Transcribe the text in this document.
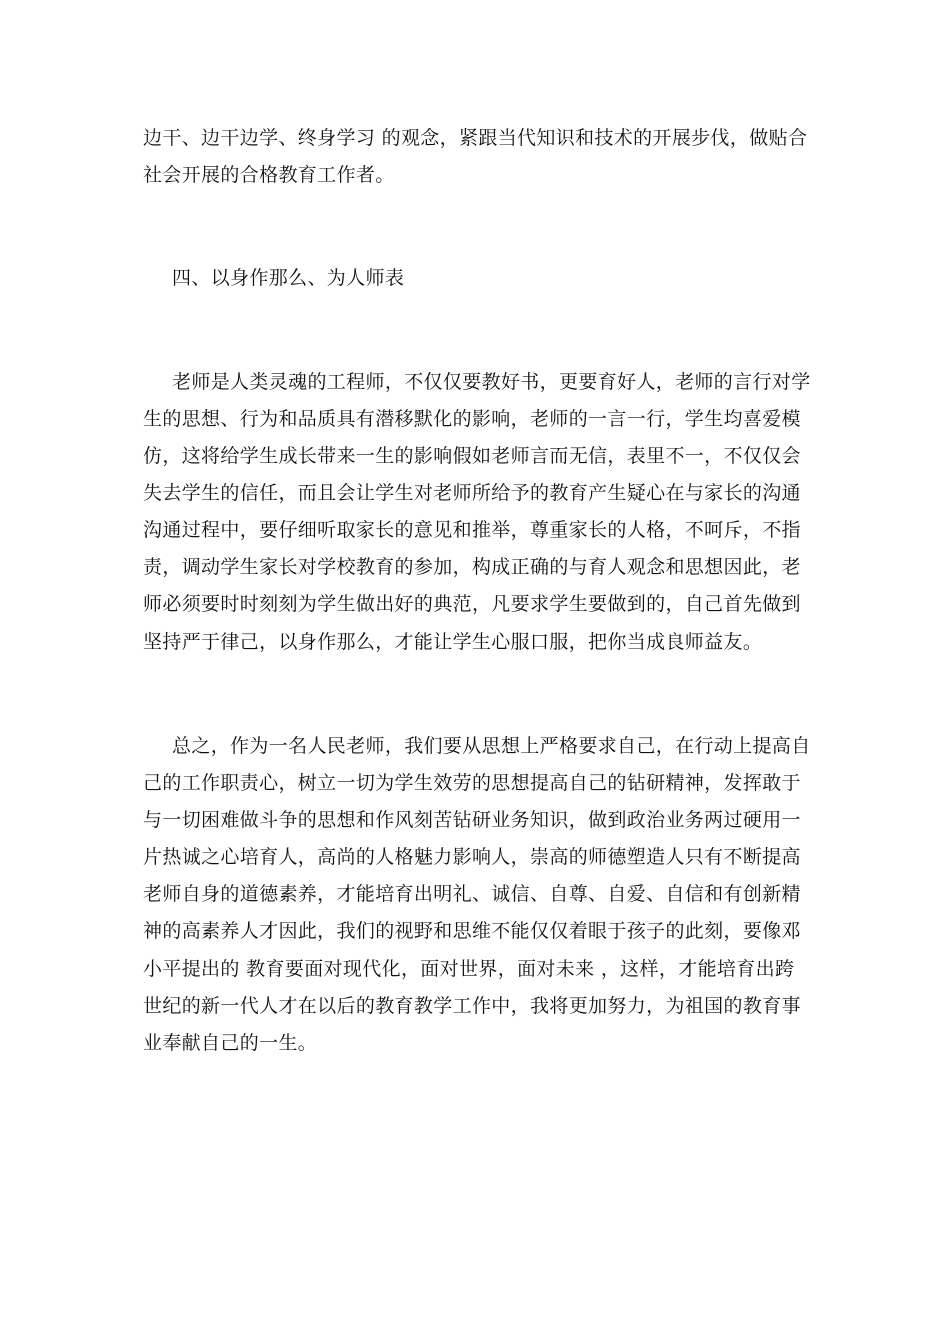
边干、边干边学、终身学习 的观念，紧跟当代知识和技术的开展步伐，做贴合
社会开展的合格教育工作者。
四、以身作那么、为人师表
老师是人类灵魂的工程师，不仅仅要教好书，更要育好人，老师的言行对学
生的思想、行为和品质具有潜移默化的影响，老师的一言一行，学生均喜爱模
仿，这将给学生成长带来一生的影响假如老师言而无信，表里不一，不仅仅会
失去学生的信任，而且会让学生对老师所给予的教育产生疑心在与家长的沟通
沟通过程中，要仔细听取家长的意见和推举，尊重家长的人格，不呵斥，不指
责，调动学生家长对学校教育的参加，构成正确的与育人观念和思想因此，老
师必须要时时刻刻为学生做出好的典范，凡要求学生要做到的，自己首先做到
坚持严于律己，以身作那么，才能让学生心服口服，把你当成良师益友。
总之，作为一名人民老师，我们要从思想上严格要求自己，在行动上提高自
己的工作职责心，树立一切为学生效劳的思想提高自己的钻研精神，发挥敢于
与一切困难做斗争的思想和作风刻苦钻研业务知识，做到政治业务两过硬用一
片热诚之心培育人，高尚的人格魅力影响人，崇高的师德塑造人只有不断提高
老师自身的道德素养，才能培育出明礼、诚信、自尊、自爱、自信和有创新精
神的高素养人才因此，我们的视野和思维不能仅仅着眼于孩子的此刻，要像邓
小平提出的 教育要面对现代化，面对世界，面对未来 ，这样，才能培育出跨
世纪的新一代人才在以后的教育教学工作中，我将更加努力，为祖国的教育事
业奉献自己的一生。
